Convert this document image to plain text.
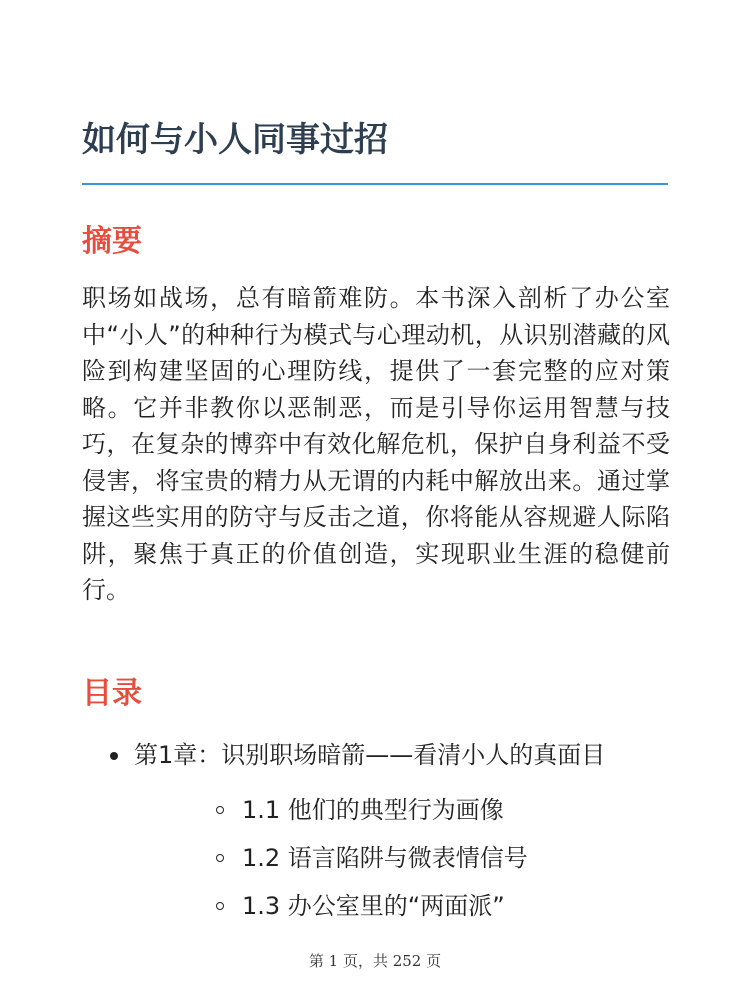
如何与小人同事过招
摘要

职场如战场，总有暗箭难防。本书深入剖析了办公室中“小人”的种种行为模式与心理动机，从识别潜藏的风险到构建坚固的心理防线，提供了一套完整的应对策略。它并非教你以恶制恶，而是引导你运用智慧与技巧，在复杂的博弈中有效化解危机，保护自身利益不受侵害，将宝贵的精力从无谓的内耗中解放出来。通过掌握这些实用的防守与反击之道，你将能从容规避人际陷阱，聚焦于真正的价值创造，实现职业生涯的稳健前行。

目录
第1章：识别职场暗箭——看清小人的真面目
1.1 他们的典型行为画像
1.2 语言陷阱与微表情信号
1.3 办公室里的“两面派”
第 1 页，共 252 页
